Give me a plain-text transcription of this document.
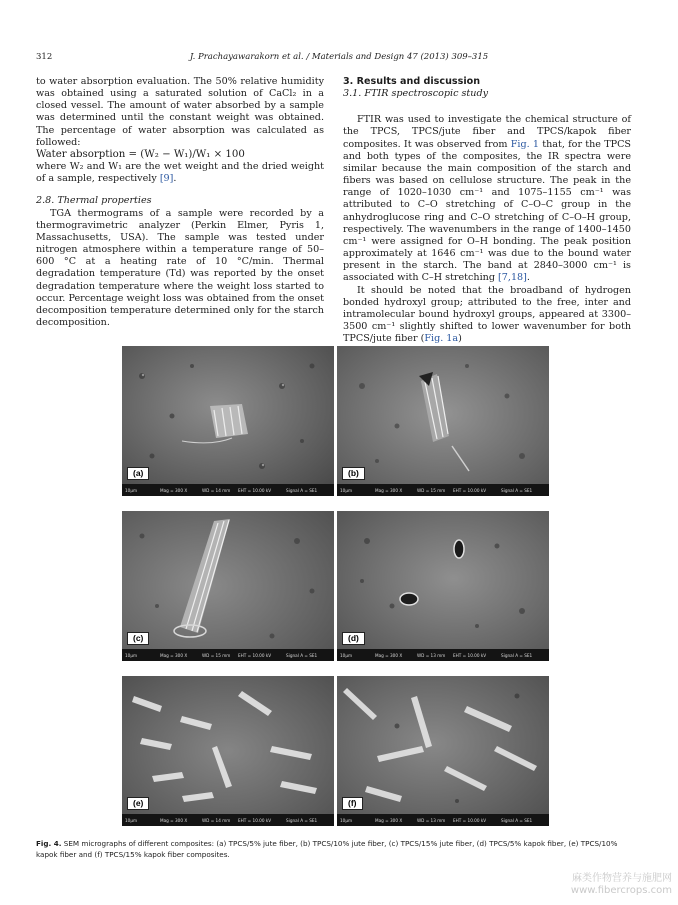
312	J. Prachayawarakorn et al. / Materials and Design 47 (2013) 309–315

to water absorption evaluation. The 50% relative humidity was obtained using a saturated solution of CaCl₂ in a closed vessel. The amount of water absorbed by a sample was determined until the constant weight was obtained. The percentage of water absorption was calculated as followed:

Water absorption = (W₂ − W₁)/W₁ × 100

where W₂ and W₁ are the wet weight and the dried weight of a sample, respectively [9].

2.8. Thermal properties

TGA thermograms of a sample were recorded by a thermogravimetric analyzer (Perkin Elmer, Pyris 1, Massachusetts, USA). The sample was tested under nitrogen atmosphere within a temperature range of 50–600 °C at a heating rate of 10 °C/min. Thermal degradation temperature (Td) was reported by the onset degradation temperature where the weight loss started to occur. Percentage weight loss was obtained from the onset decomposition temperature determined only for the starch decomposition.

3. Results and discussion

3.1. FTIR spectroscopic study

FTIR was used to investigate the chemical structure of the TPCS, TPCS/jute fiber and TPCS/kapok fiber composites. It was observed from Fig. 1 that, for the TPCS and both types of the composites, the IR spectra were similar because the main composition of the starch and fibers was based on cellulose structure. The peak in the range of 1020–1030 cm⁻¹ and 1075–1155 cm⁻¹ was attributed to C–O stretching of C–O–C group in the anhydroglucose ring and C–O stretching of C–O–H group, respectively. The wavenumbers in the range of 1400–1450 cm⁻¹ were assigned for O–H bonding. The peak position approximately at 1646 cm⁻¹ was due to the bound water present in the starch. The band at 2840–3000 cm⁻¹ is associated with C–H stretching [7,18].

It should be noted that the broadband of hydrogen bonded hydroxyl group; attributed to the free, inter and intramolecular bound hydroxyl groups, appeared at 3300–3500 cm⁻¹ slightly shifted to lower wavenumber for both TPCS/jute fiber (Fig. 1a)

(a)
10μm	Mag = 300 X	WD = 14 mm EHT = 10.00 kV	Signal A = SE1
(b)
10μm	Mag = 300 X	WD = 15 mm EHT = 10.00 kV	Signal A = SE1
(c)
10μm	Mag = 300 X	WD = 15 mm EHT = 10.00 kV	Signal A = SE1
(d)
10μm	Mag = 300 X	WD = 13 mm EHT = 10.00 kV	Signal A = SE1
(e)
10μm	Mag = 300 X	WD = 14 mm EHT = 10.00 kV	Signal A = SE1
(f)
10μm	Mag = 300 X	WD = 13 mm EHT = 10.00 kV	Signal A = SE1
Fig. 4. SEM micrographs of different composites: (a) TPCS/5% jute fiber, (b) TPCS/10% jute fiber, (c) TPCS/15% jute fiber, (d) TPCS/5% kapok fiber, (e) TPCS/10% kapok fiber and (f) TPCS/15% kapok fiber composites.
麻类作物营养与施肥网
www.fibercrops.com
